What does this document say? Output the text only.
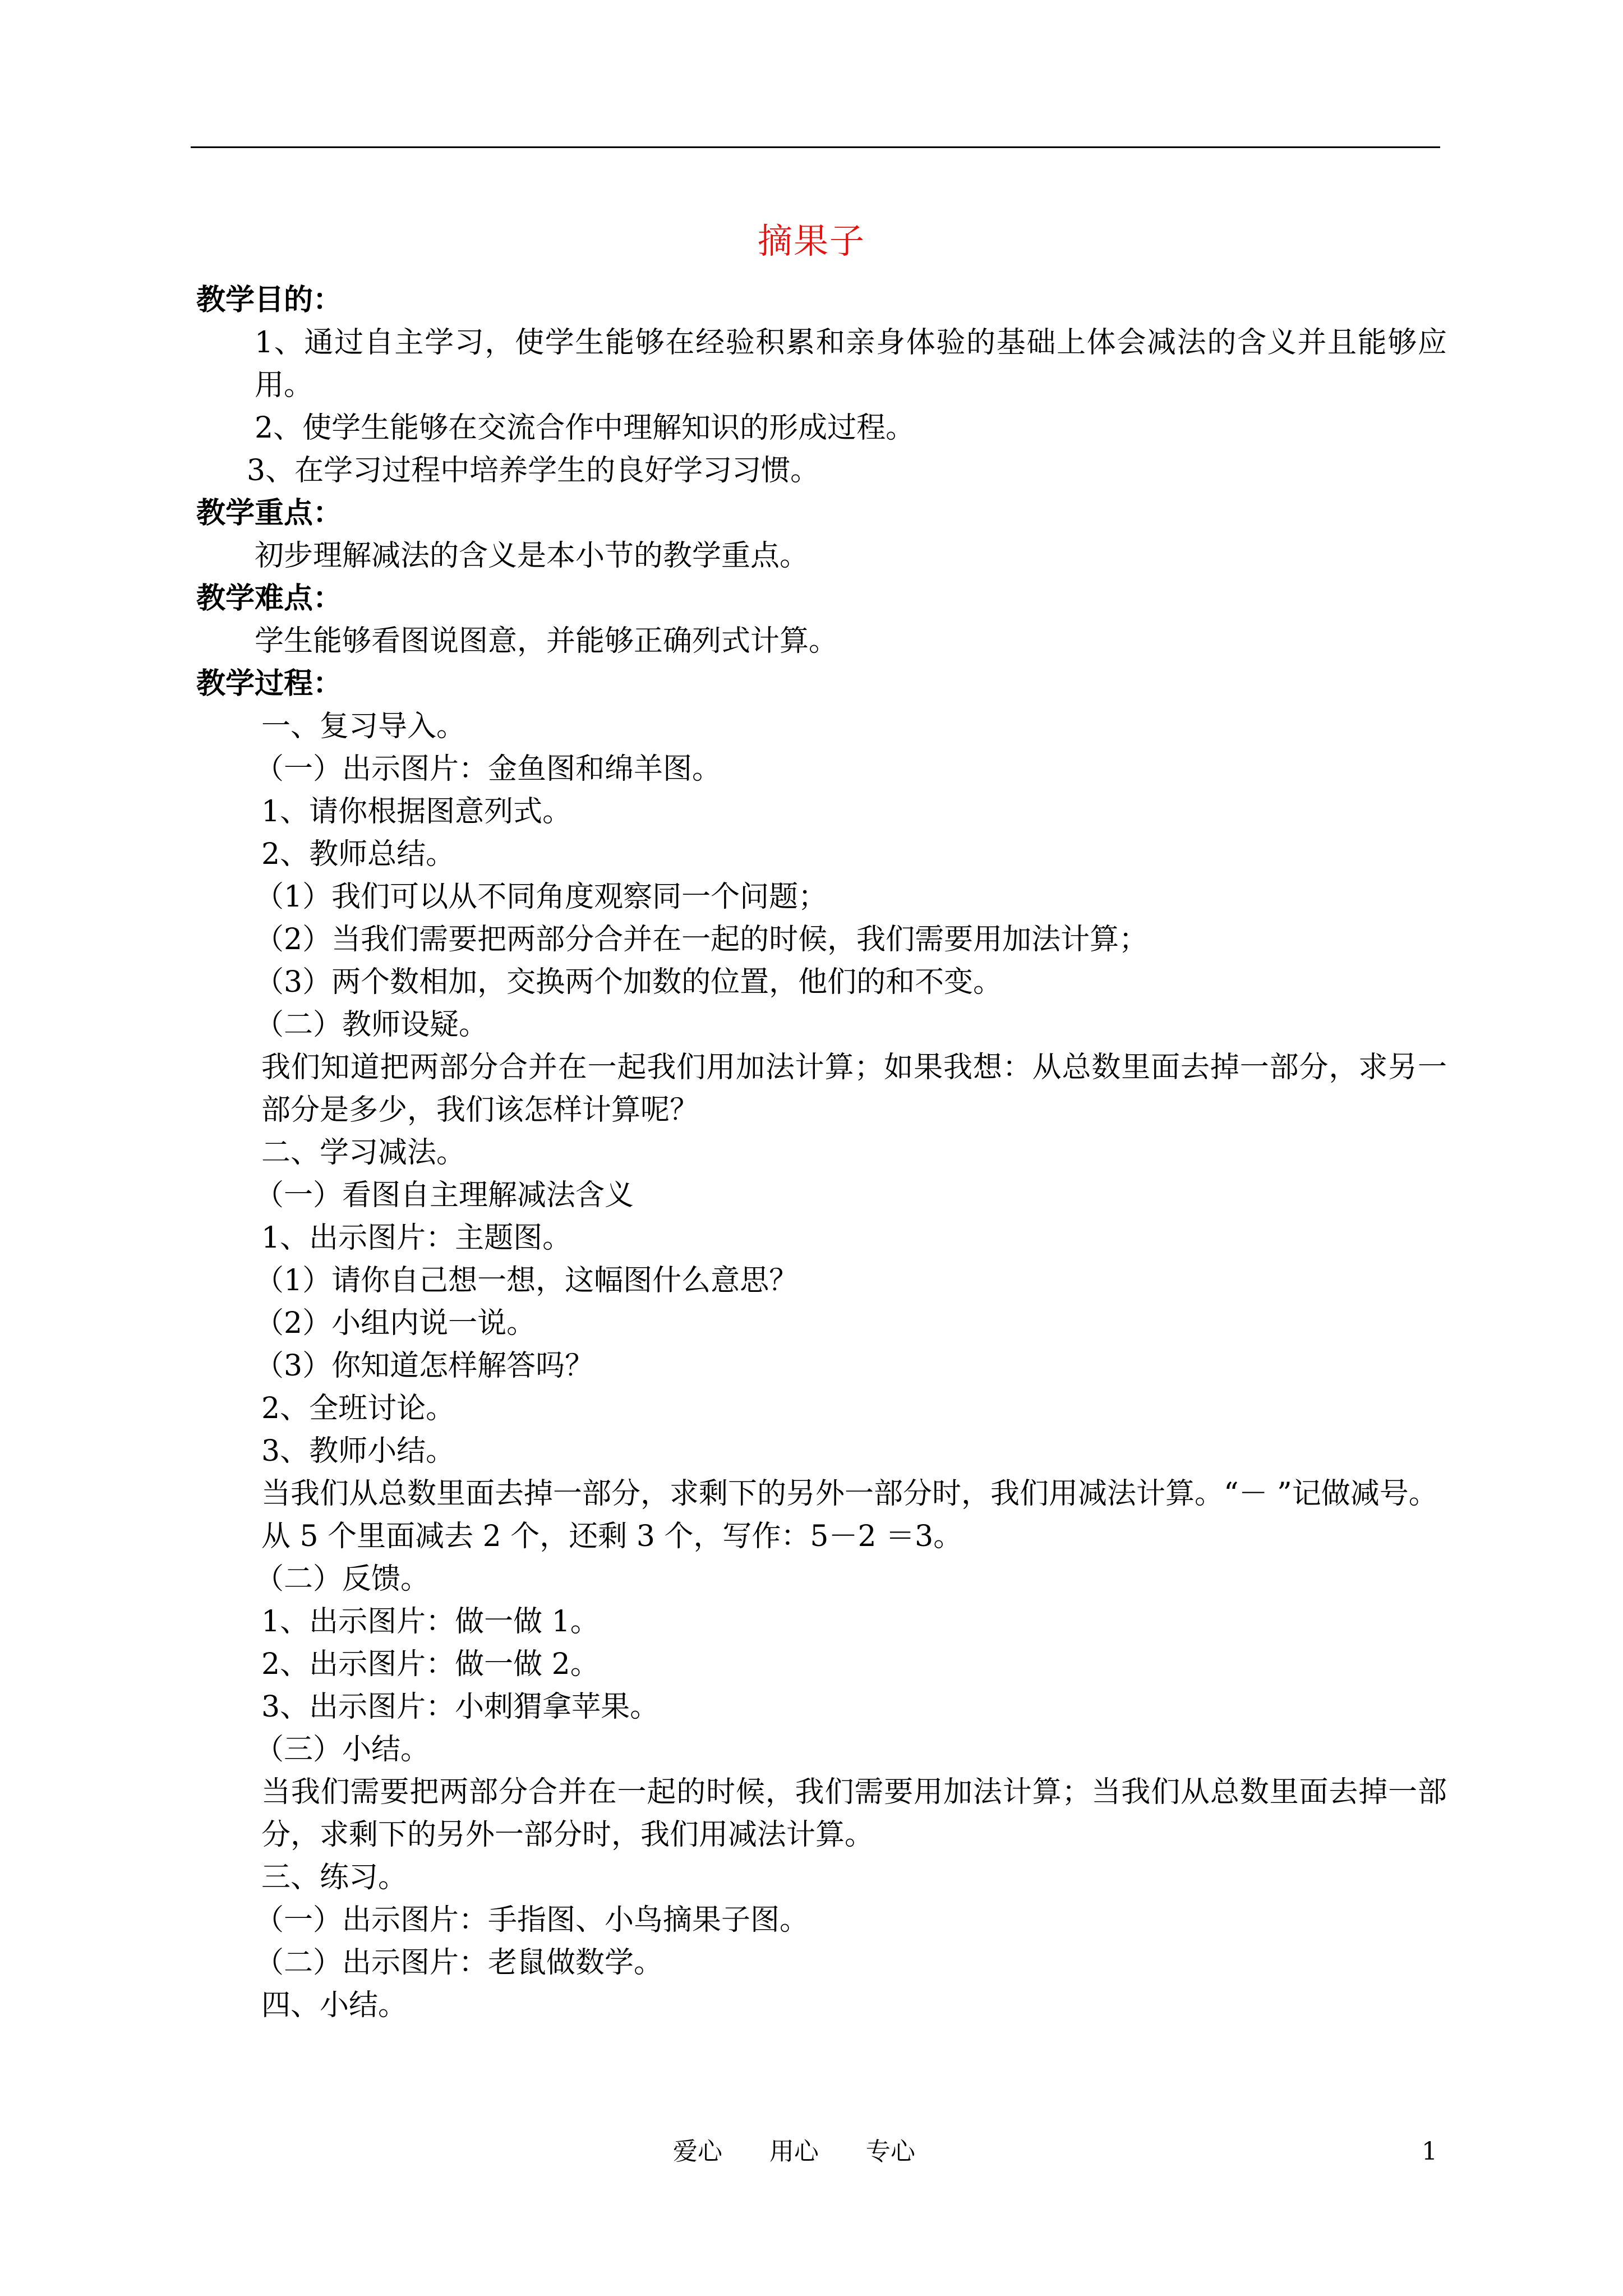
摘果子
教学目的：
1、通过自主学习，使学生能够在经验积累和亲身体验的基础上体会减法的含义并且能够应用。
2、使学生能够在交流合作中理解知识的形成过程。
3、在学习过程中培养学生的良好学习习惯。
教学重点：
初步理解减法的含义是本小节的教学重点。
教学难点：
学生能够看图说图意，并能够正确列式计算。
教学过程：
一、复习导入。
（一）出示图片：金鱼图和绵羊图。
1、请你根据图意列式。
2、教师总结。
（1）我们可以从不同角度观察同一个问题；
（2）当我们需要把两部分合并在一起的时候，我们需要用加法计算；
（3）两个数相加，交换两个加数的位置，他们的和不变。
（二）教师设疑。
我们知道把两部分合并在一起我们用加法计算；如果我想：从总数里面去掉一部分，求另一部分是多少，我们该怎样计算呢？
二、学习减法。
（一）看图自主理解减法含义
1、出示图片：主题图。
（1）请你自己想一想，这幅图什么意思？
（2）小组内说一说。
（3）你知道怎样解答吗？
2、全班讨论。
3、教师小结。
当我们从总数里面去掉一部分，求剩下的另外一部分时，我们用减法计算。“－ ”记做减号。
从 5 个里面减去 2 个，还剩 3 个，写作：5－2 ＝3。
（二）反馈。
1、出示图片：做一做 1。
2、出示图片：做一做 2。
3、出示图片：小刺猬拿苹果。
（三）小结。
当我们需要把两部分合并在一起的时候，我们需要用加法计算；当我们从总数里面去掉一部分，求剩下的另外一部分时，我们用减法计算。
三、练习。
（一）出示图片：手指图、小鸟摘果子图。
（二）出示图片：老鼠做数学。
四、小结。
爱心      用心      专心	1
